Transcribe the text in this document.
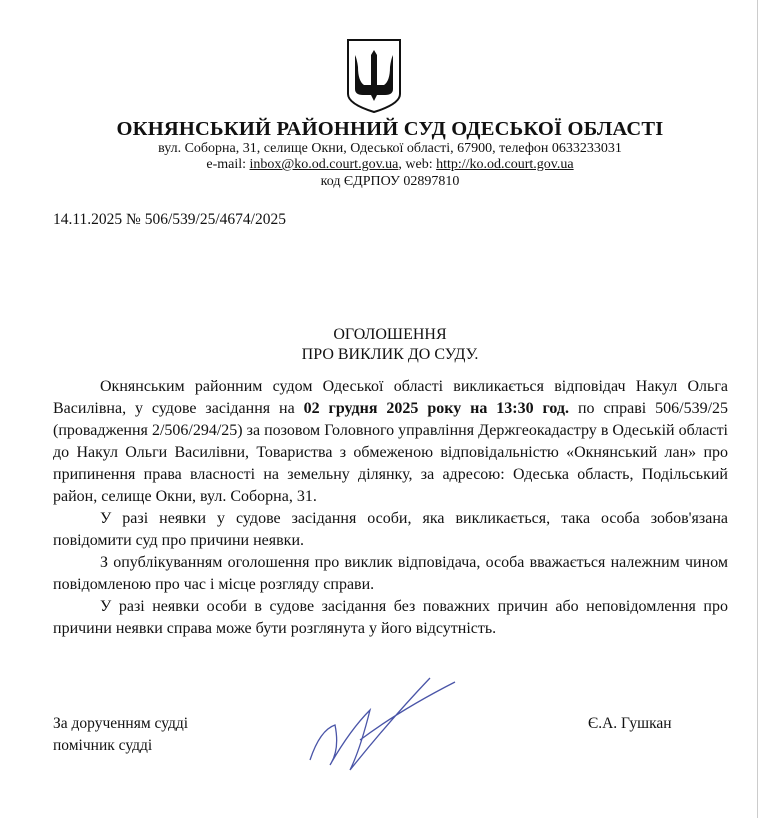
ОКНЯНСЬКИЙ РАЙОННИЙ СУД ОДЕСЬКОЇ ОБЛАСТІ
вул. Соборна, 31, селище Окни, Одеської області, 67900, телефон 0633233031
e-mail: inbox@ko.od.court.gov.ua, web: http://ko.od.court.gov.ua
код ЄДРПОУ 02897810
14.11.2025 № 506/539/25/4674/2025
ОГОЛОШЕННЯ
ПРО ВИКЛИК ДО СУДУ.

Окнянським районним судом Одеської області викликається відповідач Накул Ольга Василівна, у судове засідання на 02 грудня 2025 року на 13:30 год. по справі 506/539/25 (провадження 2/506/294/25) за позовом Головного управління Держгеокадастру в Одеській області до Накул Ольги Василівни, Товариства з обмеженою відповідальністю «Окнянський лан» про припинення права власності на земельну ділянку, за адресою: Одеська область, Подільський район, селище Окни, вул. Соборна, 31.

У разі неявки у судове засідання особи, яка викликається, така особа зобов'язана повідомити суд про причини неявки.

З опублікуванням оголошення про виклик відповідача, особа вважається належним чином повідомленою про час і місце розгляду справи.

У разі неявки особи в судове засідання без поважних причин або неповідомлення про причини неявки справа може бути розглянута у його відсутність.

За дорученням судді
помічник судді
Є.А. Гушкан
